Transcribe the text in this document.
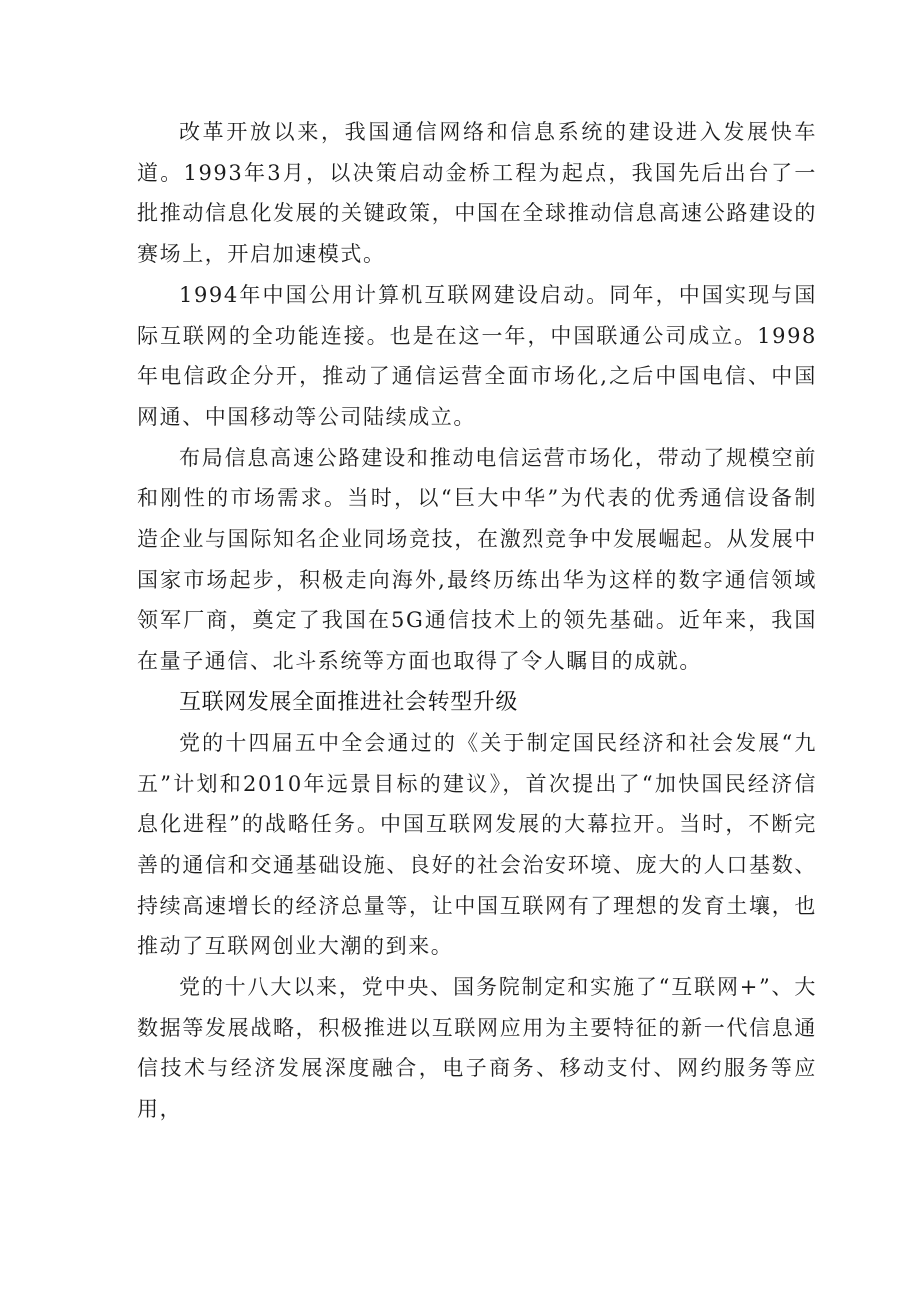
改革开放以来，我国通信网络和信息系统的建设进入发展快车道。1993年3月，以决策启动金桥工程为起点，我国先后出台了一批推动信息化发展的关键政策，中国在全球推动信息高速公路建设的赛场上，开启加速模式。

1994年中国公用计算机互联网建设启动。同年，中国实现与国际互联网的全功能连接。也是在这一年，中国联通公司成立。1998年电信政企分开，推动了通信运营全面市场化,之后中国电信、中国网通、中国移动等公司陆续成立。

布局信息高速公路建设和推动电信运营市场化，带动了规模空前和刚性的市场需求。当时，以“巨大中华”为代表的优秀通信设备制造企业与国际知名企业同场竞技，在激烈竞争中发展崛起。从发展中国家市场起步，积极走向海外,最终历练出华为这样的数字通信领域领军厂商，奠定了我国在5G通信技术上的领先基础。近年来，我国在量子通信、北斗系统等方面也取得了令人瞩目的成就。

互联网发展全面推进社会转型升级

党的十四届五中全会通过的《关于制定国民经济和社会发展“九五”计划和2010年远景目标的建议》，首次提出了“加快国民经济信息化进程”的战略任务。中国互联网发展的大幕拉开。当时，不断完善的通信和交通基础设施、良好的社会治安环境、庞大的人口基数、持续高速增长的经济总量等，让中国互联网有了理想的发育土壤，也推动了互联网创业大潮的到来。

党的十八大以来，党中央、国务院制定和实施了“互联网+”、大数据等发展战略，积极推进以互联网应用为主要特征的新一代信息通信技术与经济发展深度融合，电子商务、移动支付、网约服务等应用，
